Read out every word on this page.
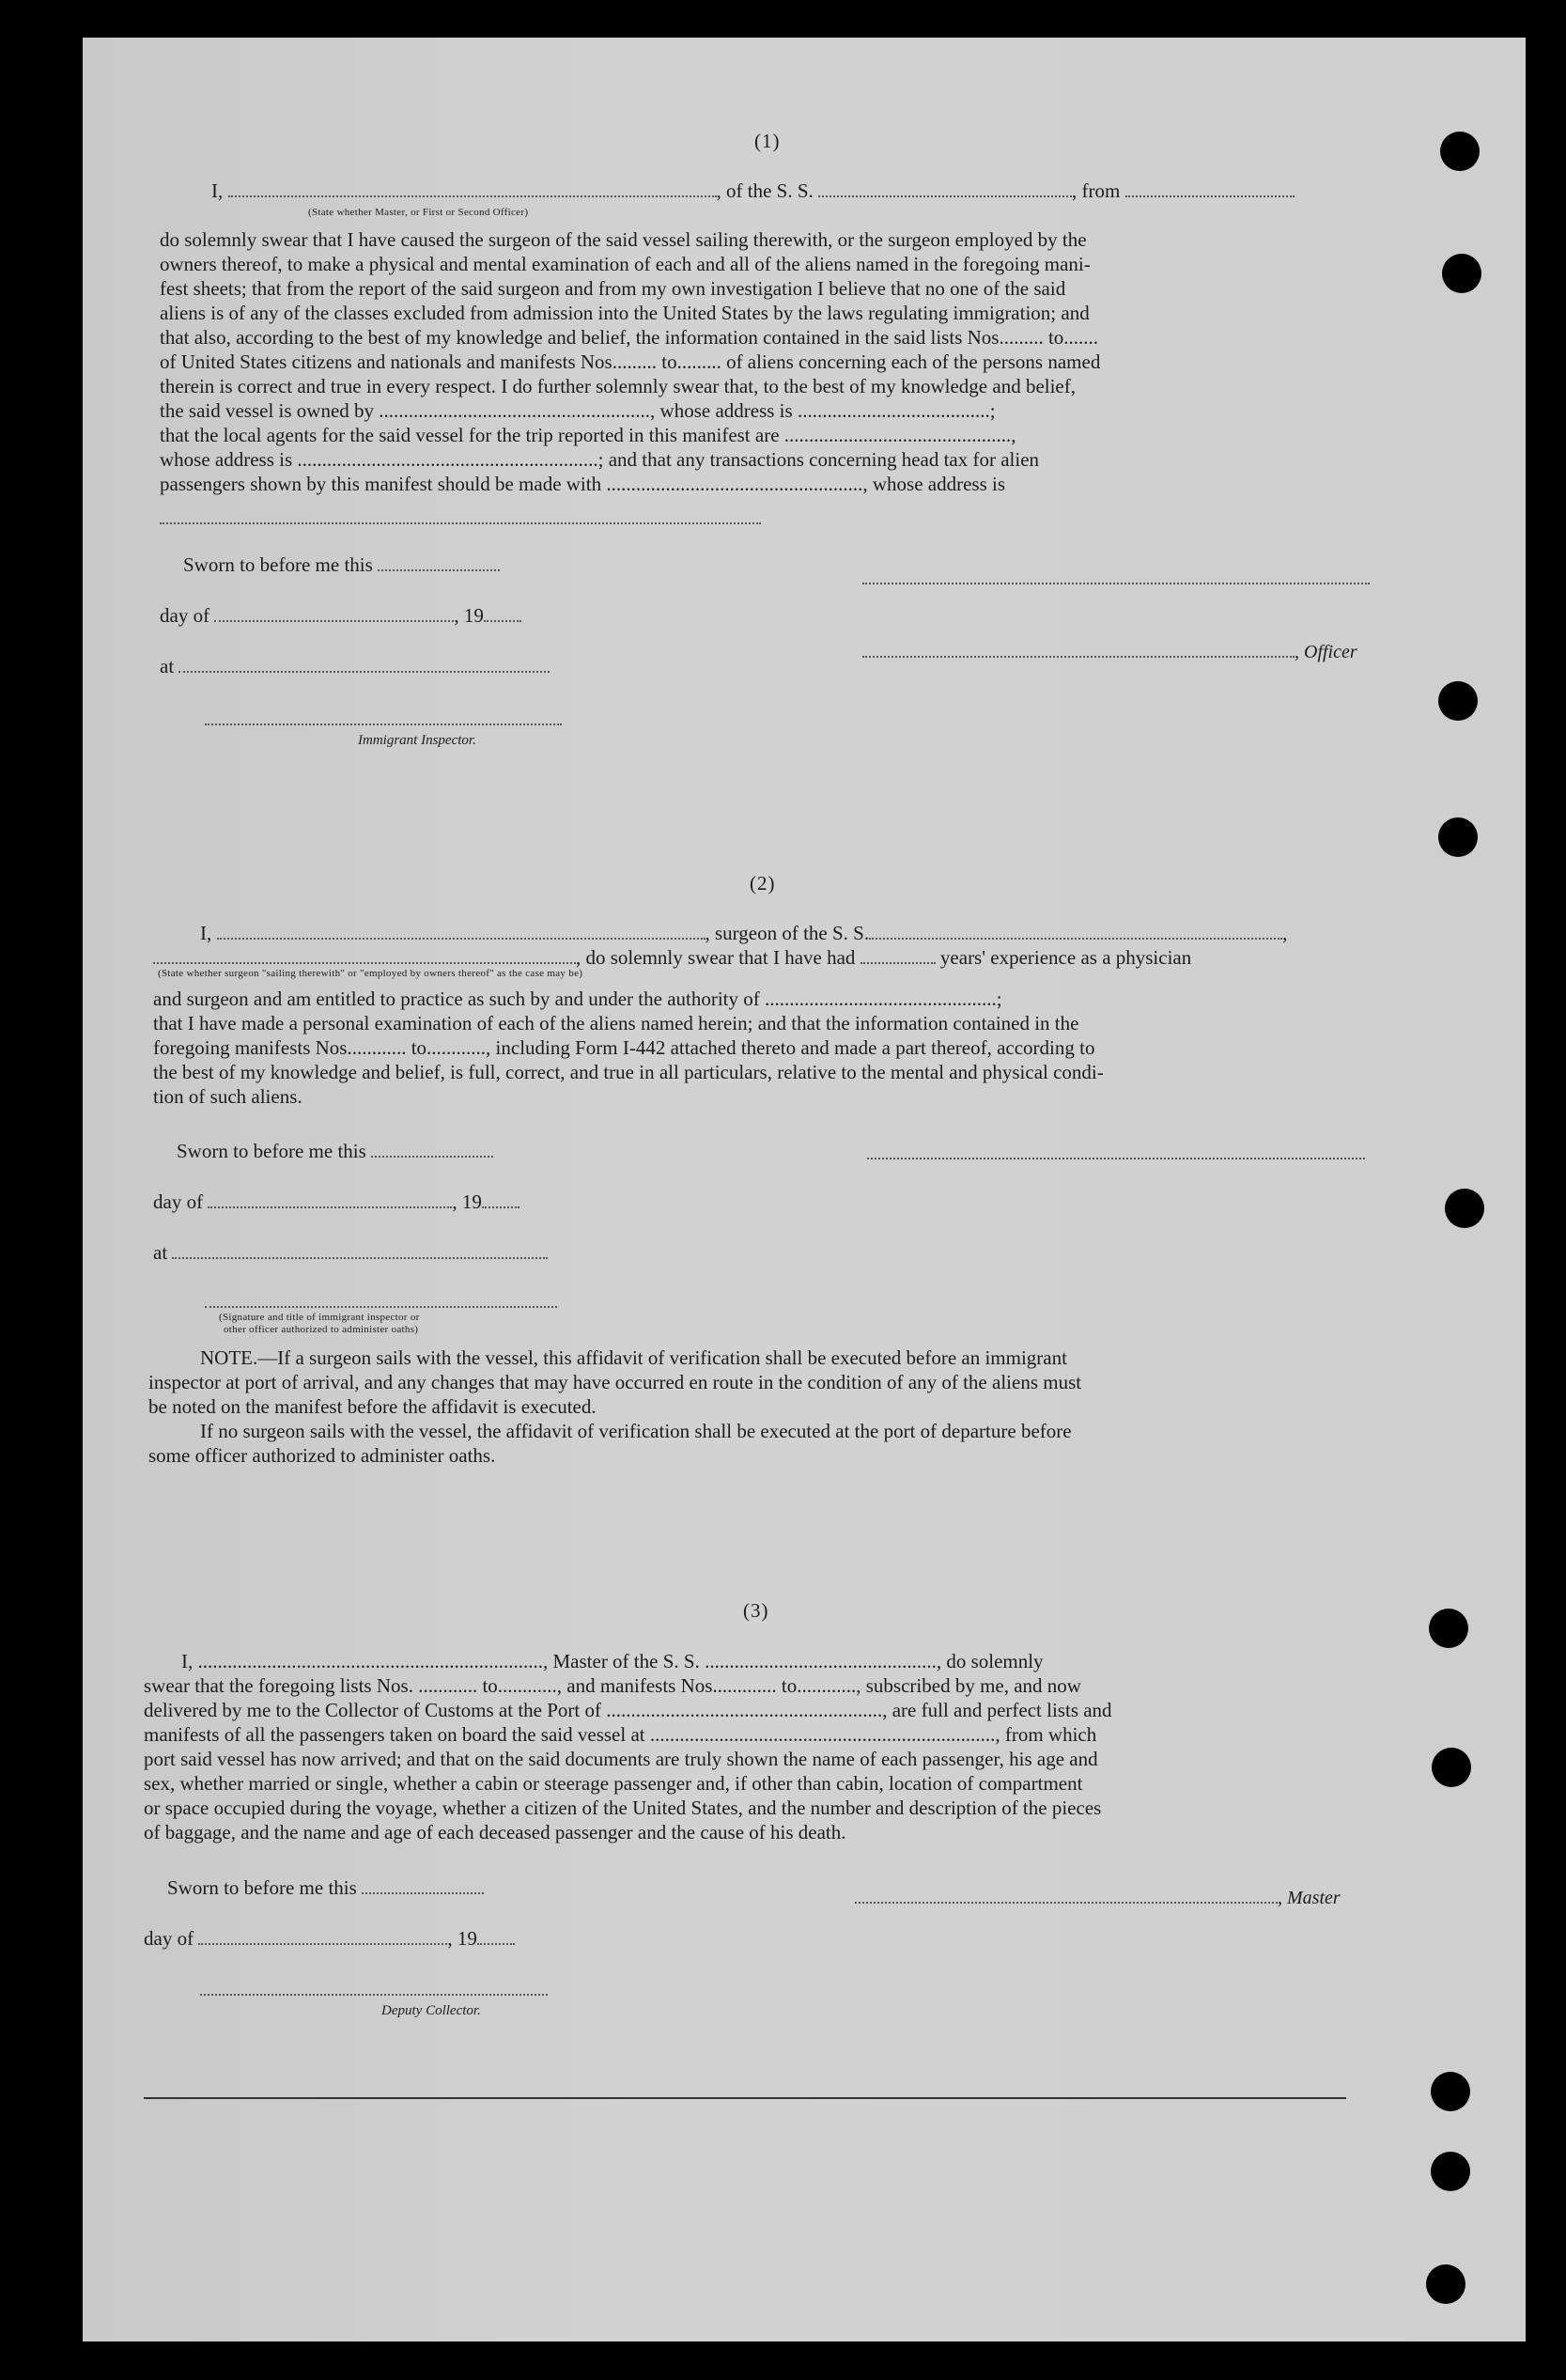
(1)
I,	, of the S. S.	, from
(State whether Master, or First or Second Officer)
do solemnly swear that I have caused the surgeon of the said vessel sailing therewith, or the surgeon employed by the
owners thereof, to make a physical and mental examination of each and all of the aliens named in the foregoing mani-
fest sheets; that from the report of the said surgeon and from my own investigation I believe that no one of the said
aliens is of any of the classes excluded from admission into the United States by the laws regulating immigration; and
that also, according to the best of my knowledge and belief, the information contained in the said lists Nos......... to.......
of United States citizens and nationals and manifests Nos......... to......... of aliens concerning each of the persons named
therein is correct and true in every respect. I do further solemnly swear that, to the best of my knowledge and belief,
the said vessel is owned by ......................................................., whose address is .......................................;
that the local agents for the said vessel for the trip reported in this manifest are ..............................................,
whose address is .............................................................; and that any transactions concerning head tax for alien
passengers shown by this manifest should be made with ...................................................., whose address is
Sworn to before me this
day of	, 19
at
Immigrant Inspector.
, Officer
(2)
I,	, surgeon of the S. S.	,
, do solemnly swear that I have had	years' experience as a physician
(State whether surgeon "sailing therewith" or "employed by owners thereof" as the case may be)
and surgeon and am entitled to practice as such by and under the authority of ...............................................;
that I have made a personal examination of each of the aliens named herein; and that the information contained in the
foregoing manifests Nos............ to............, including Form I-442 attached thereto and made a part thereof, according to
the best of my knowledge and belief, is full, correct, and true in all particulars, relative to the mental and physical condi-
tion of such aliens.
Sworn to before me this
day of	, 19
at
(Signature and title of immigrant inspector or
other officer authorized to administer oaths)
NOTE.—If a surgeon sails with the vessel, this affidavit of verification shall be executed before an immigrant
inspector at port of arrival, and any changes that may have occurred en route in the condition of any of the aliens must
be noted on the manifest before the affidavit is executed.
If no surgeon sails with the vessel, the affidavit of verification shall be executed at the port of departure before
some officer authorized to administer oaths.
(3)
I, ......................................................................, Master of the S. S. ..............................................., do solemnly
swear that the foregoing lists Nos. ............ to............, and manifests Nos............. to............, subscribed by me, and now
delivered by me to the Collector of Customs at the Port of ........................................................, are full and perfect lists and
manifests of all the passengers taken on board the said vessel at ......................................................................, from which
port said vessel has now arrived; and that on the said documents are truly shown the name of each passenger, his age and
sex, whether married or single, whether a cabin or steerage passenger and, if other than cabin, location of compartment
or space occupied during the voyage, whether a citizen of the United States, and the number and description of the pieces
of baggage, and the name and age of each deceased passenger and the cause of his death.
Sworn to before me this	, Master
day of	, 19
Deputy Collector.
